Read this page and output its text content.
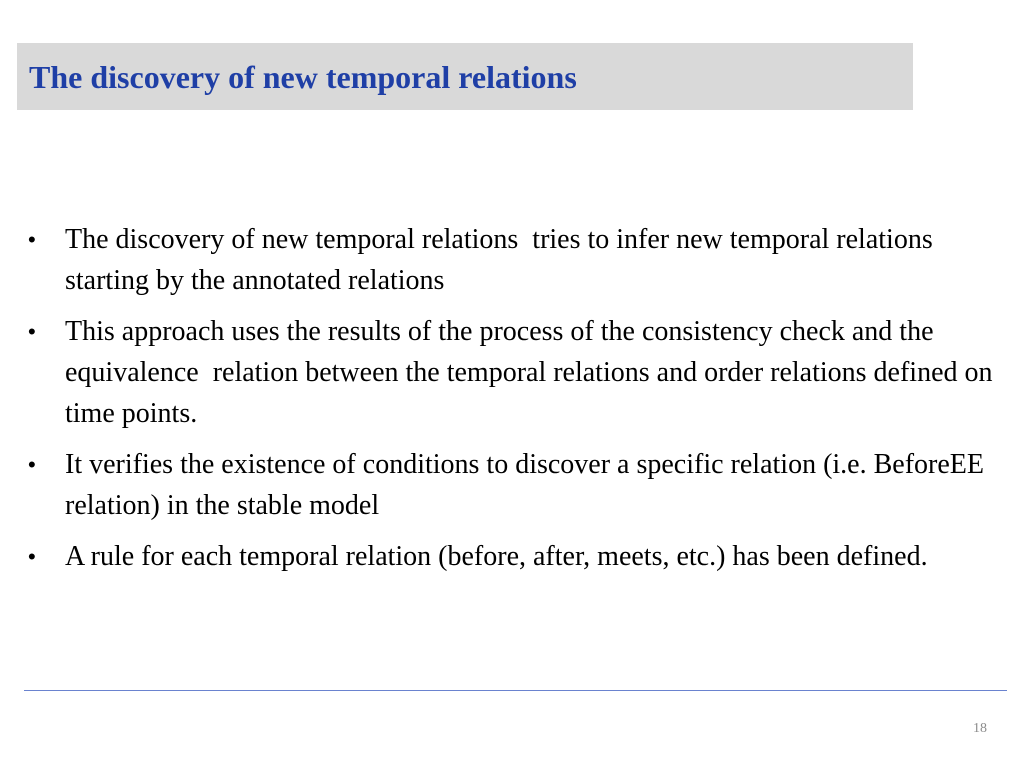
The discovery of new temporal relations
• The discovery of new temporal relations  tries to infer new temporal relations starting by the annotated relations
• This approach uses the results of the process of the consistency check and the  equivalence  relation between the temporal relations and order relations defined on time points.
• It verifies the existence of conditions to discover a specific relation (i.e. BeforeEE relation) in the stable model
• A rule for each temporal relation (before, after, meets, etc.) has been defined.
18
